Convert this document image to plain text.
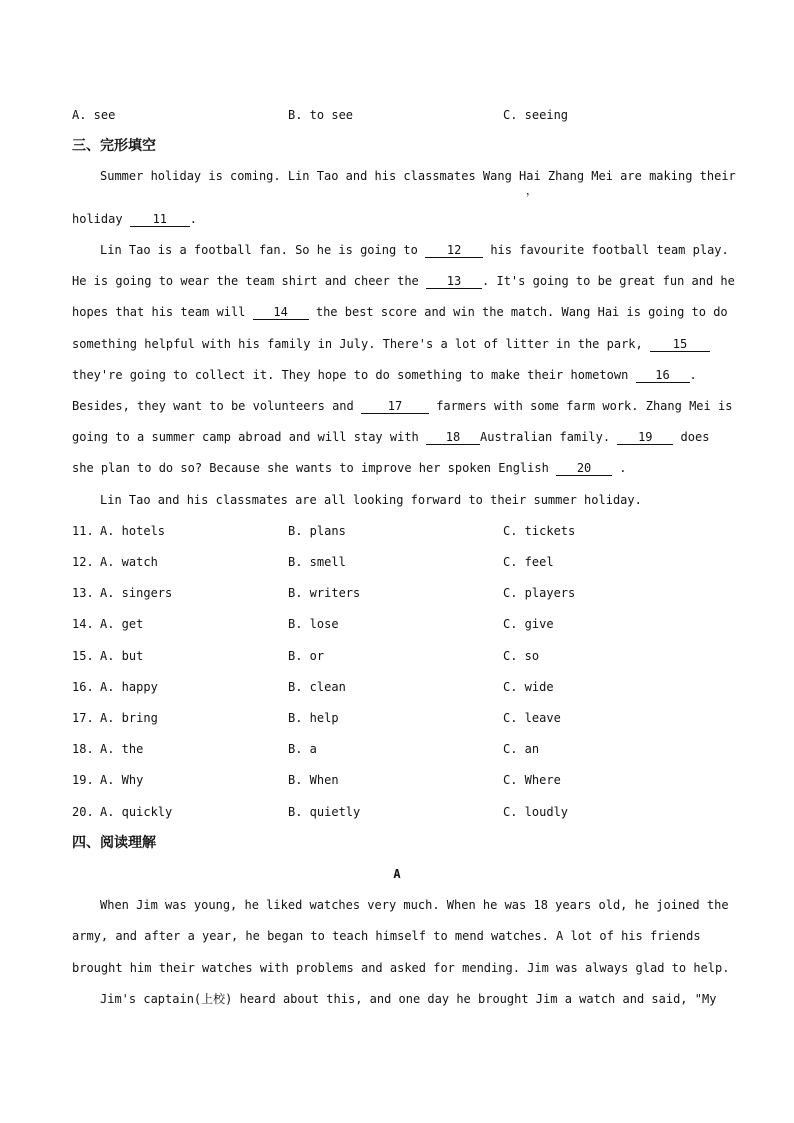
A. see	B. to see	C. seeing
三、完形填空
Summer holiday is coming. Lin Tao and his classmates Wang Hai Zhang Mei are making their
，
holiday 11 .
Lin Tao is a football fan. So he is going to 12 his favourite football team play.
He is going to wear the team shirt and cheer the 13 . It's going to be great fun and he
hopes that his team will 14 the best score and win the match. Wang Hai is going to do
something helpful with his family in July. There's a lot of litter in the park, 15
they're going to collect it. They hope to do something to make their hometown 16 .
Besides, they want to be volunteers and 17 farmers with some farm work. Zhang Mei is
going to a summer camp abroad and will stay with 18 Australian family. 19 does
she plan to do so? Because she wants to improve her spoken English 20 .
Lin Tao and his classmates are all looking forward to their summer holiday.
11. A. hotels	B. plans	C. tickets
12. A. watch	B. smell	C. feel
13. A. singers	B. writers	C. players
14. A. get	B. lose	C. give
15. A. but	B. or	C. so
16. A. happy	B. clean	C. wide
17. A. bring	B. help	C. leave
18. A. the	B. a	C. an
19. A. Why	B. When	C. Where
20. A. quickly	B. quietly	C. loudly
四、阅读理解
A
When Jim was young, he liked watches very much. When he was 18 years old, he joined the
army, and after a year, he began to teach himself to mend watches. A lot of his friends
brought him their watches with problems and asked for mending. Jim was always glad to help.
Jim's captain(上校) heard about this, and one day he brought Jim a watch and said, "My
